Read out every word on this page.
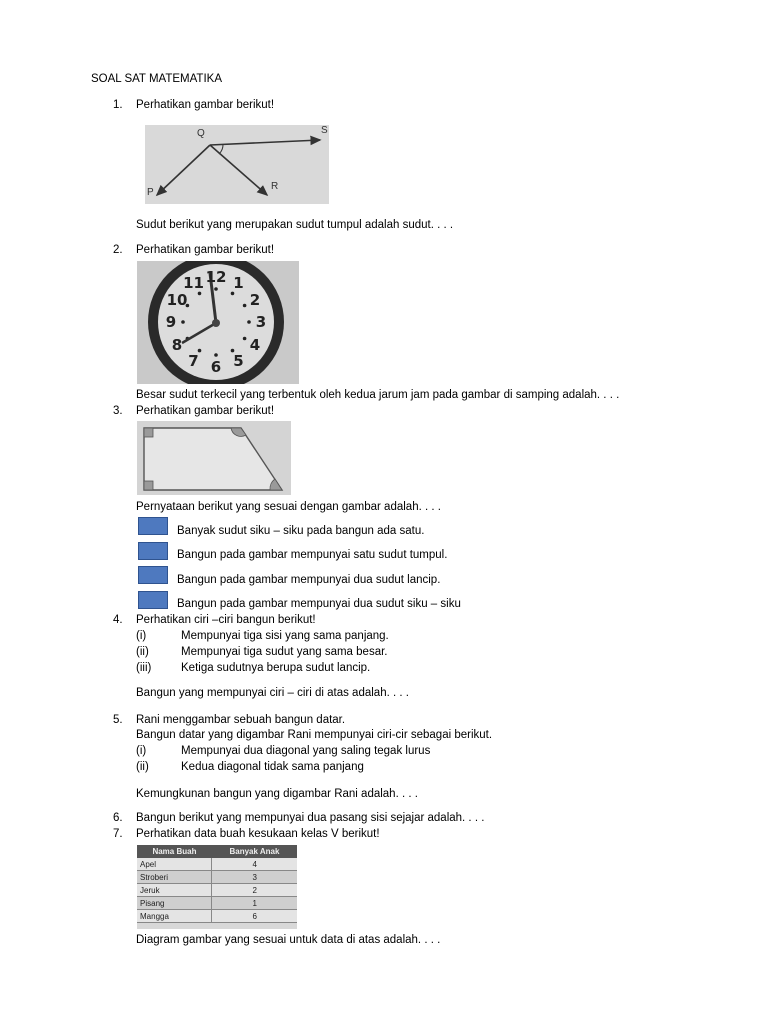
SOAL SAT MATEMATIKA
1. Perhatikan gambar berikut!
Q	S
P
R
Sudut berikut yang merupakan sudut tumpul adalah sudut. . . .
2. Perhatikan gambar berikut!
12 1
2
3
4
5
6
7
8
9
10
11
Besar sudut terkecil yang terbentuk oleh kedua jarum jam pada gambar di samping adalah. . . .
3. Perhatikan gambar berikut!
Pernyataan berikut yang sesuai dengan gambar adalah. . . .
Banyak sudut siku – siku pada bangun ada satu.
Bangun pada gambar mempunyai satu sudut tumpul.
Bangun pada gambar mempunyai dua sudut lancip.
Bangun pada gambar mempunyai dua sudut siku – siku
4. Perhatikan ciri –ciri bangun berikut!
(i)	Mempunyai tiga sisi yang sama panjang.
(ii)	Mempunyai tiga sudut yang sama besar.
(iii)	Ketiga sudutnya berupa sudut lancip.
Bangun yang mempunyai ciri – ciri di atas adalah. . . .
5. Rani menggambar sebuah bangun datar.
Bangun datar yang digambar Rani mempunyai ciri-cir sebagai berikut.
(i)	Mempunyai dua diagonal yang saling tegak lurus
(ii)	Kedua diagonal tidak sama panjang
Kemungkunan bangun yang digambar Rani adalah. . . .
6. Bangun berikut yang mempunyai dua pasang sisi sejajar adalah. . . .
7. Perhatikan data buah kesukaan kelas V berikut!
Nama Buah	Banyak Anak
Apel	4
Stroberi	3
Jeruk	2
Pisang	1
Mangga	6
Diagram gambar yang sesuai untuk data di atas adalah. . . .
